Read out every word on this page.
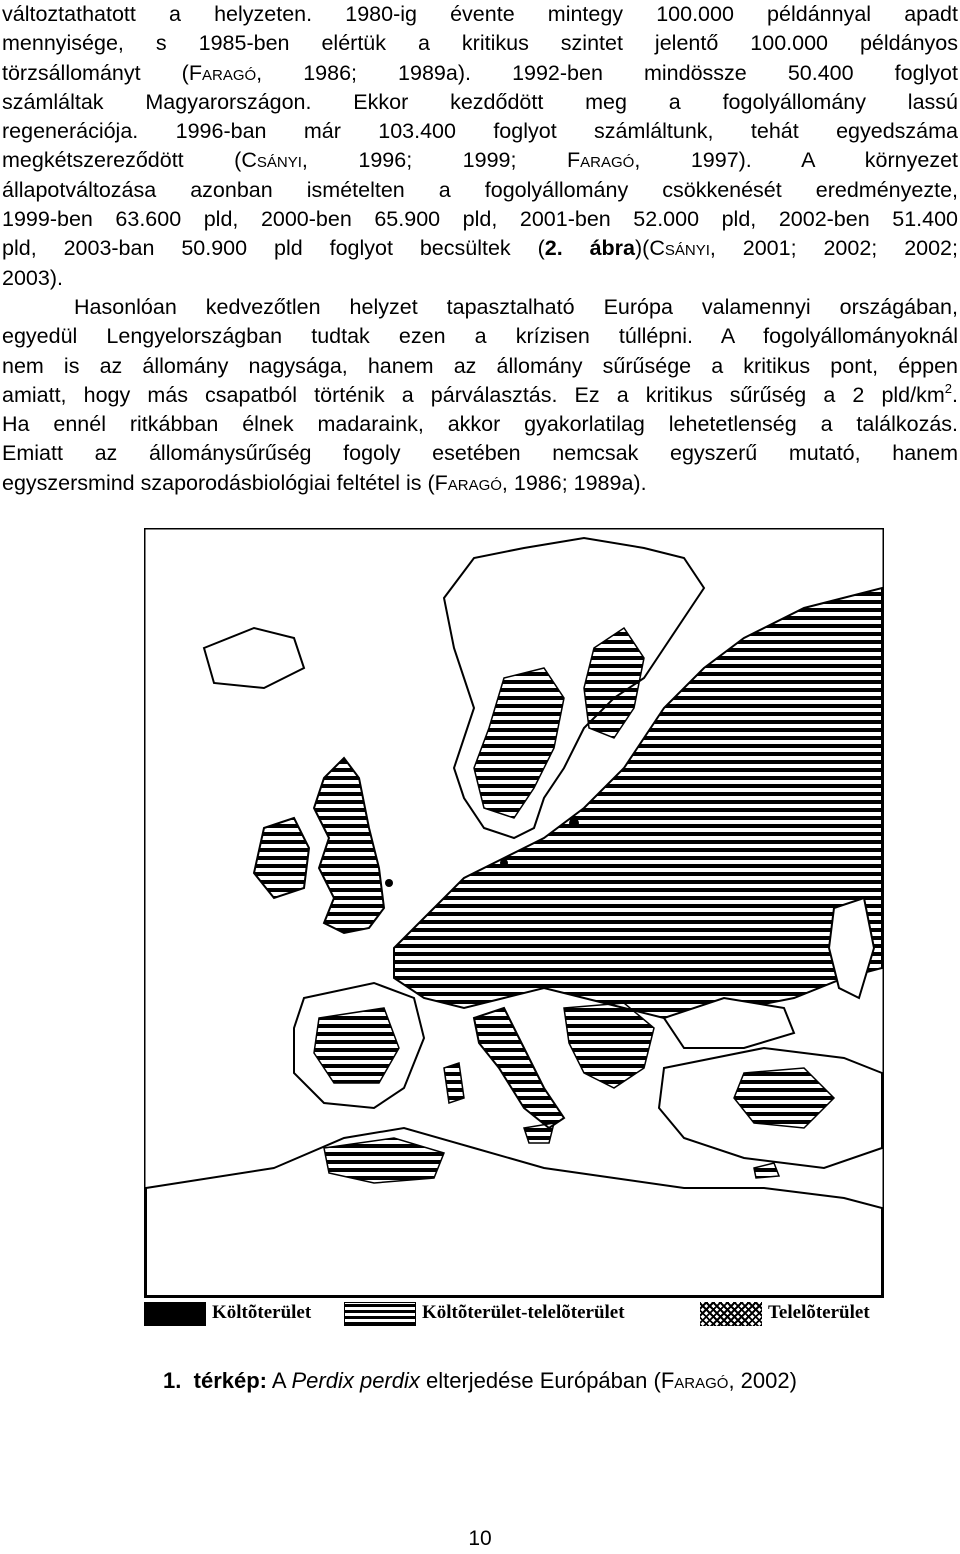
változtathatott a helyzeten. 1980-ig évente mintegy 100.000 példánnyal apadt
mennyisége, s 1985-ben elértük a kritikus szintet jelentő 100.000 példányos
törzsállományt (Faragó, 1986; 1989a). 1992-ben mindössze 50.400 foglyot
számláltak Magyarországon. Ekkor kezdődött meg a fogolyállomány lassú
regenerációja. 1996-ban már 103.400 foglyot számláltunk, tehát egyedszáma
megkétszereződött (Csányi, 1996; 1999; Faragó, 1997). A környezet
állapotváltozása azonban ismételten a fogolyállomány csökkenését eredményezte,
1999-ben 63.600 pld, 2000-ben 65.900 pld, 2001-ben 52.000 pld, 2002-ben 51.400
pld, 2003-ban 50.900 pld foglyot becsültek (2. ábra)(Csányi, 2001; 2002; 2002;
2003).
Hasonlóan kedvezőtlen helyzet tapasztalható Európa valamennyi országában,
egyedül Lengyelországban tudtak ezen a krízisen túllépni. A fogolyállományoknál
nem is az állomány nagysága, hanem az állomány sűrűsége a kritikus pont, éppen
amiatt, hogy más csapatból történik a párválasztás. Ez a kritikus sűrűség a 2 pld/$km^2$.
Ha ennél ritkábban élnek madaraink, akkor gyakorlatilag lehetetlenség a találkozás.
Emiatt az állománysűrűség fogoly esetében nemcsak egyszerű mutató, hanem
egyszersmind szaporodásbiológiai feltétel is (Faragó, 1986; 1989a).
Költõterület	Költõterület-telelõterület	Telelõterület
1. térkép: A Perdix perdix elterjedése Európában (Faragó, 2002)
10
